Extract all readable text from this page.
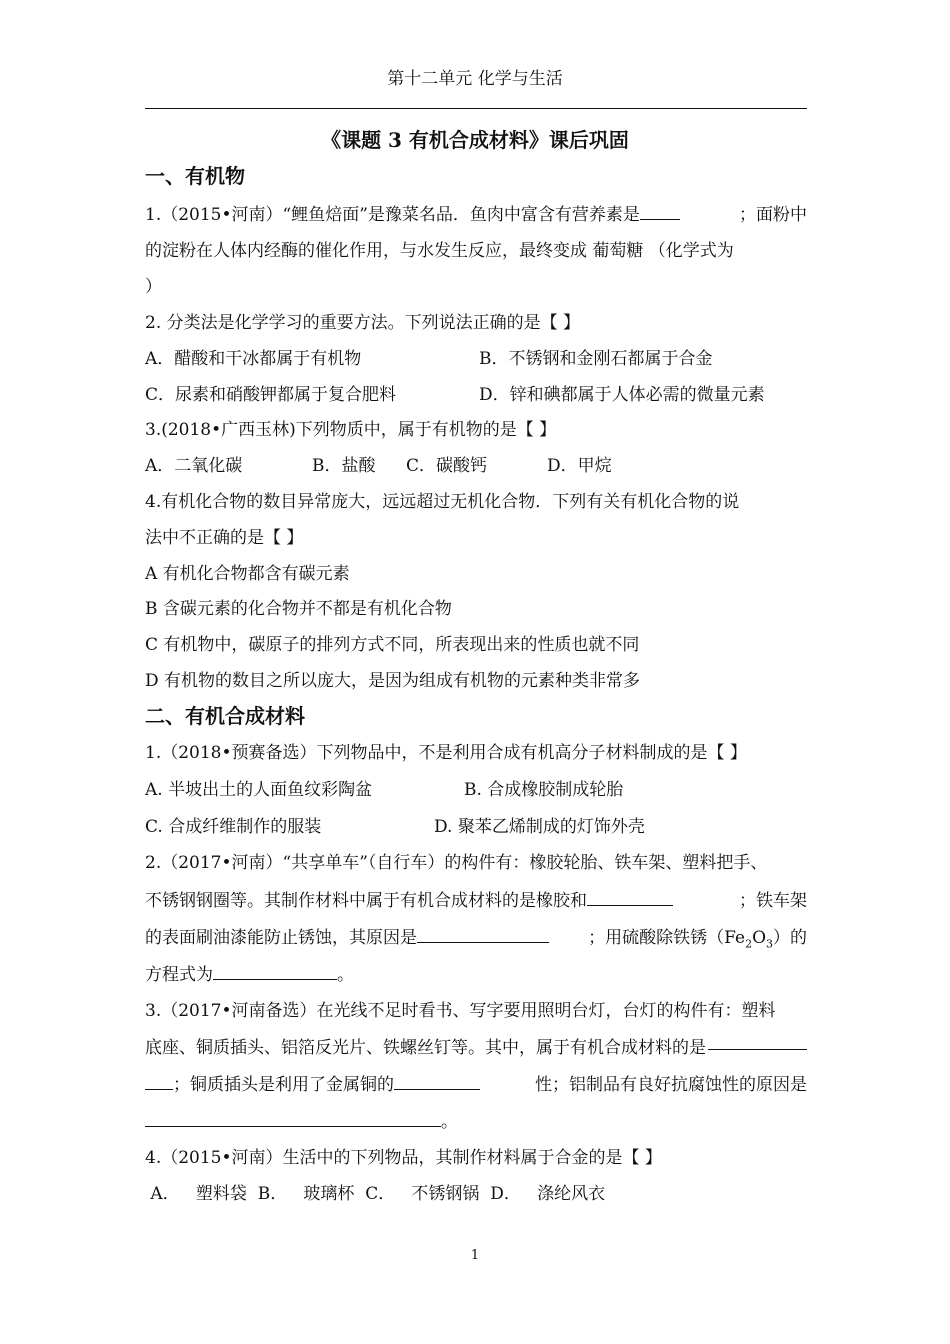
第十二单元 化学与生活
《课题 3 有机合成材料》课后巩固
一、有机物
1.（2015•河南）“鲤鱼焙面”是豫菜名品．鱼肉中富含有营养素是	；面粉中
的淀粉在人体内经酶的催化作用，与水发生反应，最终变成 葡萄糖 （化学式为
）
2. 分类法是化学学习的重要方法。下列说法正确的是【 】
A．醋酸和干冰都属于有机物	B．不锈钢和金刚石都属于合金
C．尿素和硝酸钾都属于复合肥料	D．锌和碘都属于人体必需的微量元素
3.(2018•广西玉林)下列物质中，属于有机物的是【 】
A．二氧化碳	B．盐酸 C．碳酸钙	D．甲烷
4.有机化合物的数目异常庞大，远远超过无机化合物．下列有关有机化合物的说
法中不正确的是【 】
A 有机化合物都含有碳元素
B 含碳元素的化合物并不都是有机化合物
C 有机物中，碳原子的排列方式不同，所表现出来的性质也就不同
D 有机物的数目之所以庞大，是因为组成有机物的元素种类非常多
二、有机合成材料
1.（2018•预赛备选）下列物品中，不是利用合成有机高分子材料制成的是【 】
A. 半坡出土的人面鱼纹彩陶盆	B. 合成橡胶制成轮胎
C. 合成纤维制作的服装	D. 聚苯乙烯制成的灯饰外壳
2.（2017•河南）“共享单车”（自行车）的构件有：橡胶轮胎、铁车架、塑料把手、
不锈钢钢圈等。其制作材料中属于有机合成材料的是橡胶和	；铁车架
的表面刷油漆能防止锈蚀，其原因是	；用硫酸除铁锈$(Fe_2O_3)$的
方程式为	。
3.（2017•河南备选）在光线不足时看书、写字要用照明台灯，台灯的构件有：塑料
底座、铜质插头、铝箔反光片、铁螺丝钉等。其中，属于有机合成材料的是
；铜质插头是利用了金属铜的	性；铝制品有良好抗腐蚀性的原因是
。
4.（2015•河南）生活中的下列物品，其制作材料属于合金的是【 】
A．   塑料袋  B．   玻璃杯  C．   不锈钢锅  D．   涤纶风衣
1
